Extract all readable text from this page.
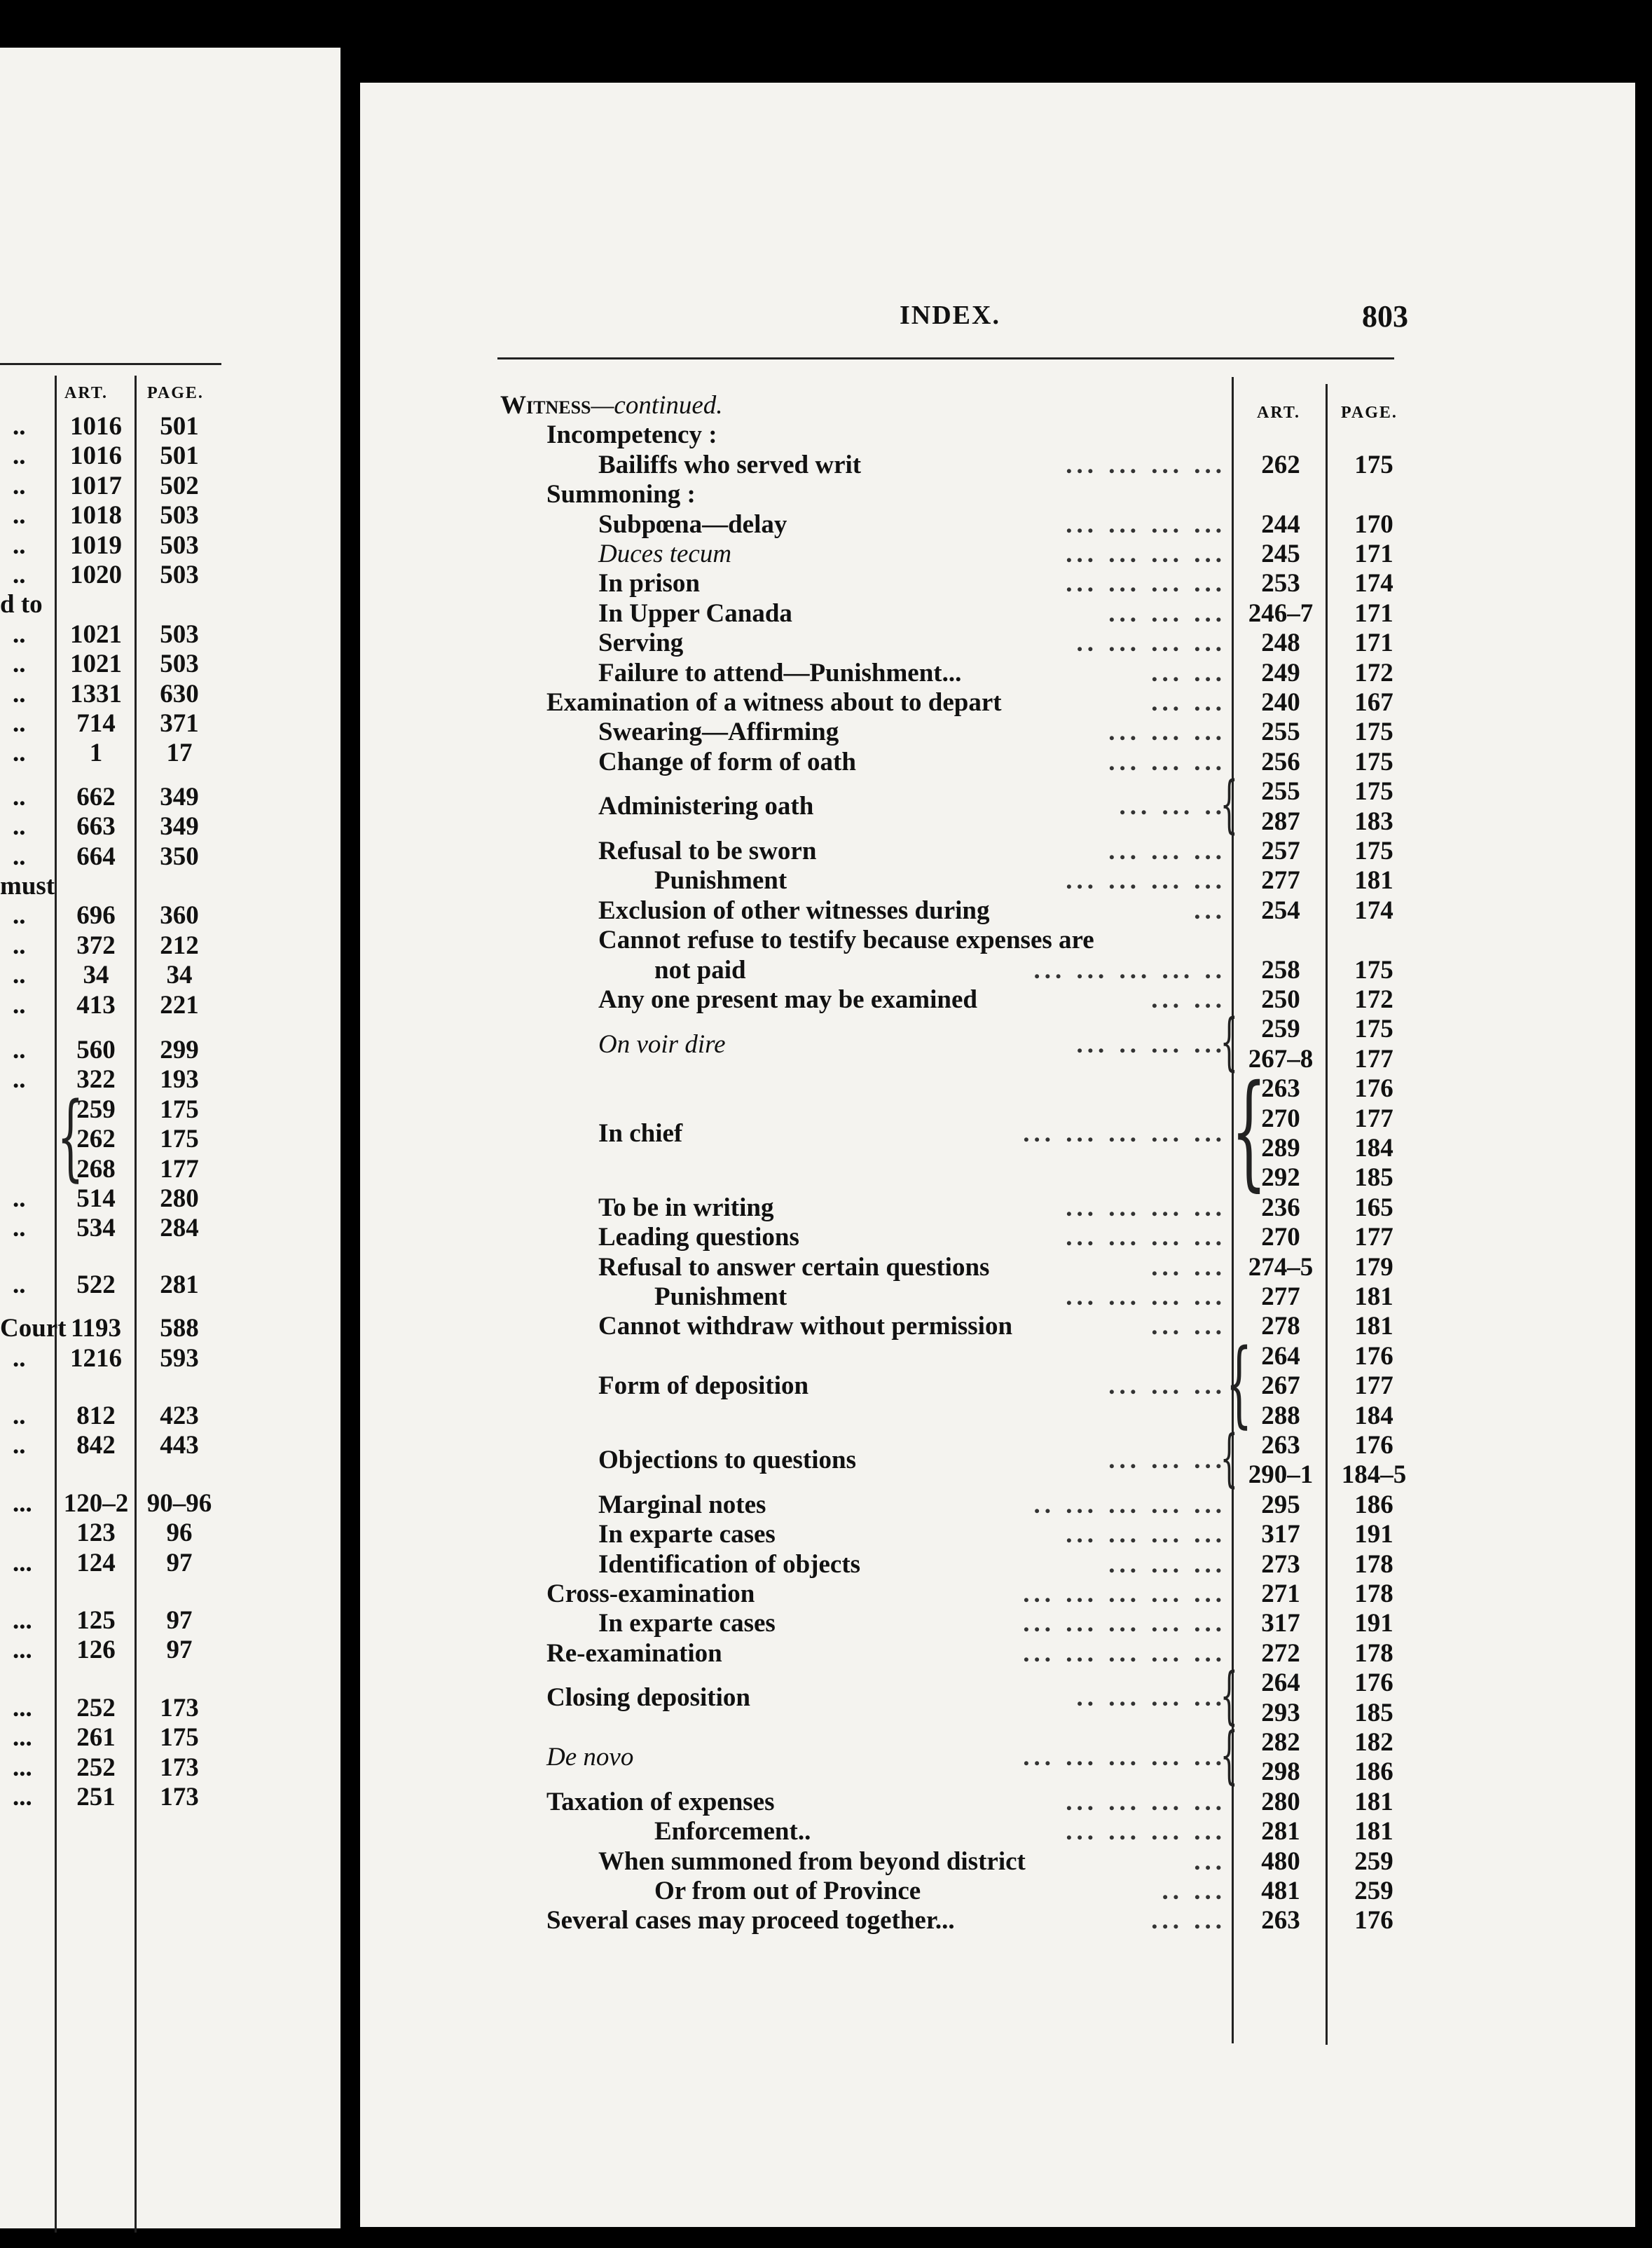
ART. PAGE.
..	1016	501
..	1016	501
..	1017	502
..	1018	503
..	1019	503
..	1020	503
d to
..	1021	503
..	1021	503
..	1331	630
..	714	371
..	1	17
..	662	349
..	663	349
..	664	350
must
..	696	360
..	372	212
..	34	34
..	413	221
..	560	299
..	322	193
259	175
262	175
268	177
..	514	280
..	534	284
..	522	281
Court 1193	588
..	1216	593
..	812	423
..	842	443
... 120–2 90–96
123	96
...	124	97
...	125	97
...	126	97
...	252	173
...	261	175
...	252	173
...	251	173
{
INDEX.	803
ART. PAGE.
WITNESS—continued.
Incompetency :
Bailiffs who served writ	... ... ... ...	262	175
Summoning :
Subpœna—delay	... ... ... ...	244	170
Duces tecum	... ... ... ...	245	171
In prison	... ... ... ...	253	174
In Upper Canada	... ... ... 246–7	171
Serving	.. ... ... ...	248	171
Failure to attend—Punishment...	... ...	249	172
Examination of a witness about to depart	... ...	240	167
Swearing—Affirming	... ... ...	255	175
Change of form of oath	... ... ...	256	175
Administering oath	... ... ..
255	175
287	183
{
Refusal to be sworn	... ... ...	257	175
Punishment	... ... ... ...	277	181
Exclusion of other witnesses during	...	254	174
Cannot refuse to testify because expenses are
not paid	... ... ... ... ..	258	175
Any one present may be examined	... ...	250	172
On voir dire	... .. ... ...
259	175
267–8	177
{
In chief	... ... ... ... ...
263	176
270	177
289	184
292	185
{
To be in writing	... ... ... ...	236	165
Leading questions	... ... ... ...	270	177
Refusal to answer certain questions	... ... 274–5	179
Punishment	... ... ... ...	277	181
Cannot withdraw without permission	... ...	278	181
Form of deposition	... ... ...
264	176
267	177
288	184
{
Objections to questions	... ... ...
263	176
290–1	184–5
{
Marginal notes	.. ... ... ... ...	295	186
In exparte cases	... ... ... ...	317	191
Identification of objects	... ... ...	273	178
Cross-examination	... ... ... ... ...	271	178
In exparte cases	... ... ... ... ...	317	191
Re-examination	... ... ... ... ...	272	178
Closing deposition	.. ... ... ...
264	176
293	185
{
De novo	... ... ... ... ...
282	182
298	186
{
Taxation of expenses	... ... ... ...	280	181
Enforcement..	... ... ... ...	281	181
When summoned from beyond district	...	480	259
Or from out of Province	.. ...	481	259
Several cases may proceed together...	... ...	263	176
